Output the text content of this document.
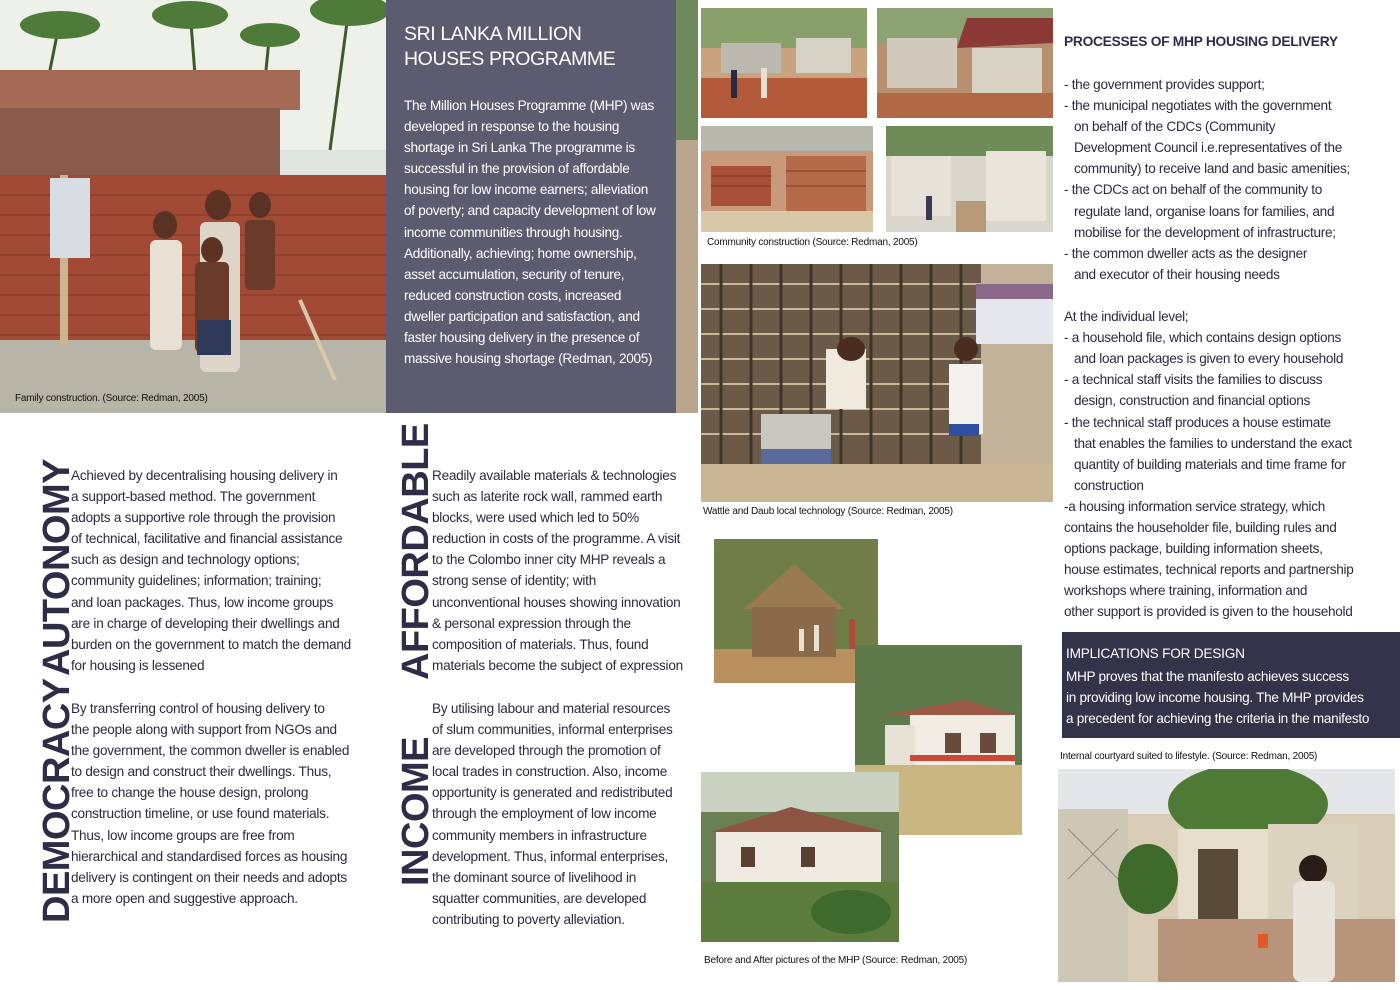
Family construction. (Source: Redman, 2005)
SRI LANKA MILLION
HOUSES PROGRAMME
The Million Houses Programme (MHP) was
developed in response to the housing
shortage in Sri Lanka The programme is
successful in the provision of affordable
housing for low income earners; alleviation
of poverty; and capacity development of low
income communities through housing.
Additionally, achieving; home ownership,
asset accumulation, security of tenure,
reduced construction costs, increased
dweller participation and satisfaction, and
faster housing delivery in the presence of
massive housing shortage (Redman, 2005)
Community construction (Source: Redman, 2005)
Wattle and Daub local technology (Source: Redman, 2005)
Before and After pictures of the MHP (Source: Redman, 2005)
Internal courtyard suited to lifestyle. (Source: Redman, 2005)
AUTONOMY
Achieved by decentralising housing delivery in
a support-based method. The government
adopts a supportive role through the provision
of technical, facilitative and financial assistance
such as design and technology options;
community guidelines; information; training;
and loan packages. Thus, low income groups
are in charge of developing their dwellings and
burden on the government to match the demand
for housing is lessened
DEMOCRACY
By transferring control of housing delivery to
the people along with support from NGOs and
the government, the common dweller is enabled
to design and construct their dwellings. Thus,
free to change the house design, prolong
construction timeline, or use found materials.
Thus, low income groups are free from
hierarchical and standardised forces as housing
delivery is contingent on their needs and adopts
a more open and suggestive approach.
AFFORDABLE
Readily available materials & technologies
such as laterite rock wall, rammed earth
blocks, were used which led to 50%
reduction in costs of the programme. A visit
to the Colombo inner city MHP reveals a
strong sense of identity; with
unconventional houses showing innovation
& personal expression through the
composition of materials. Thus, found
materials become the subject of expression
INCOME
By utilising labour and material resources
of slum communities, informal enterprises
are developed through the promotion of
local trades in construction. Also, income
opportunity is generated and redistributed
through the employment of low income
community members in infrastructure
development. Thus, informal enterprises,
the dominant source of livelihood in
squatter communities, are developed
contributing to poverty alleviation.
PROCESSES OF MHP HOUSING DELIVERY
- the government provides support;
- the municipal negotiates with the government
on behalf of the CDCs (Community
Development Council i.e.representatives of the
community) to receive land and basic amenities;
- the CDCs act on behalf of the community to
regulate land, organise loans for families, and
mobilise for the development of infrastructure;
- the common dweller acts as the designer
and executor of their housing needs
At the individual level;
- a household file, which contains design options
and loan packages is given to every household
- a technical staff visits the families to discuss
design, construction and financial options
- the technical staff produces a house estimate
that enables the families to understand the exact
quantity of building materials and time frame for
construction
-a housing information service strategy, which
contains the householder file, building rules and
options package, building information sheets,
house estimates, technical reports and partnership
workshops where training, information and
other support is provided is given to the household
IMPLICATIONS FOR DESIGN
MHP proves that the manifesto achieves success
in providing low income housing. The MHP provides
a precedent for achieving the criteria in the manifesto
